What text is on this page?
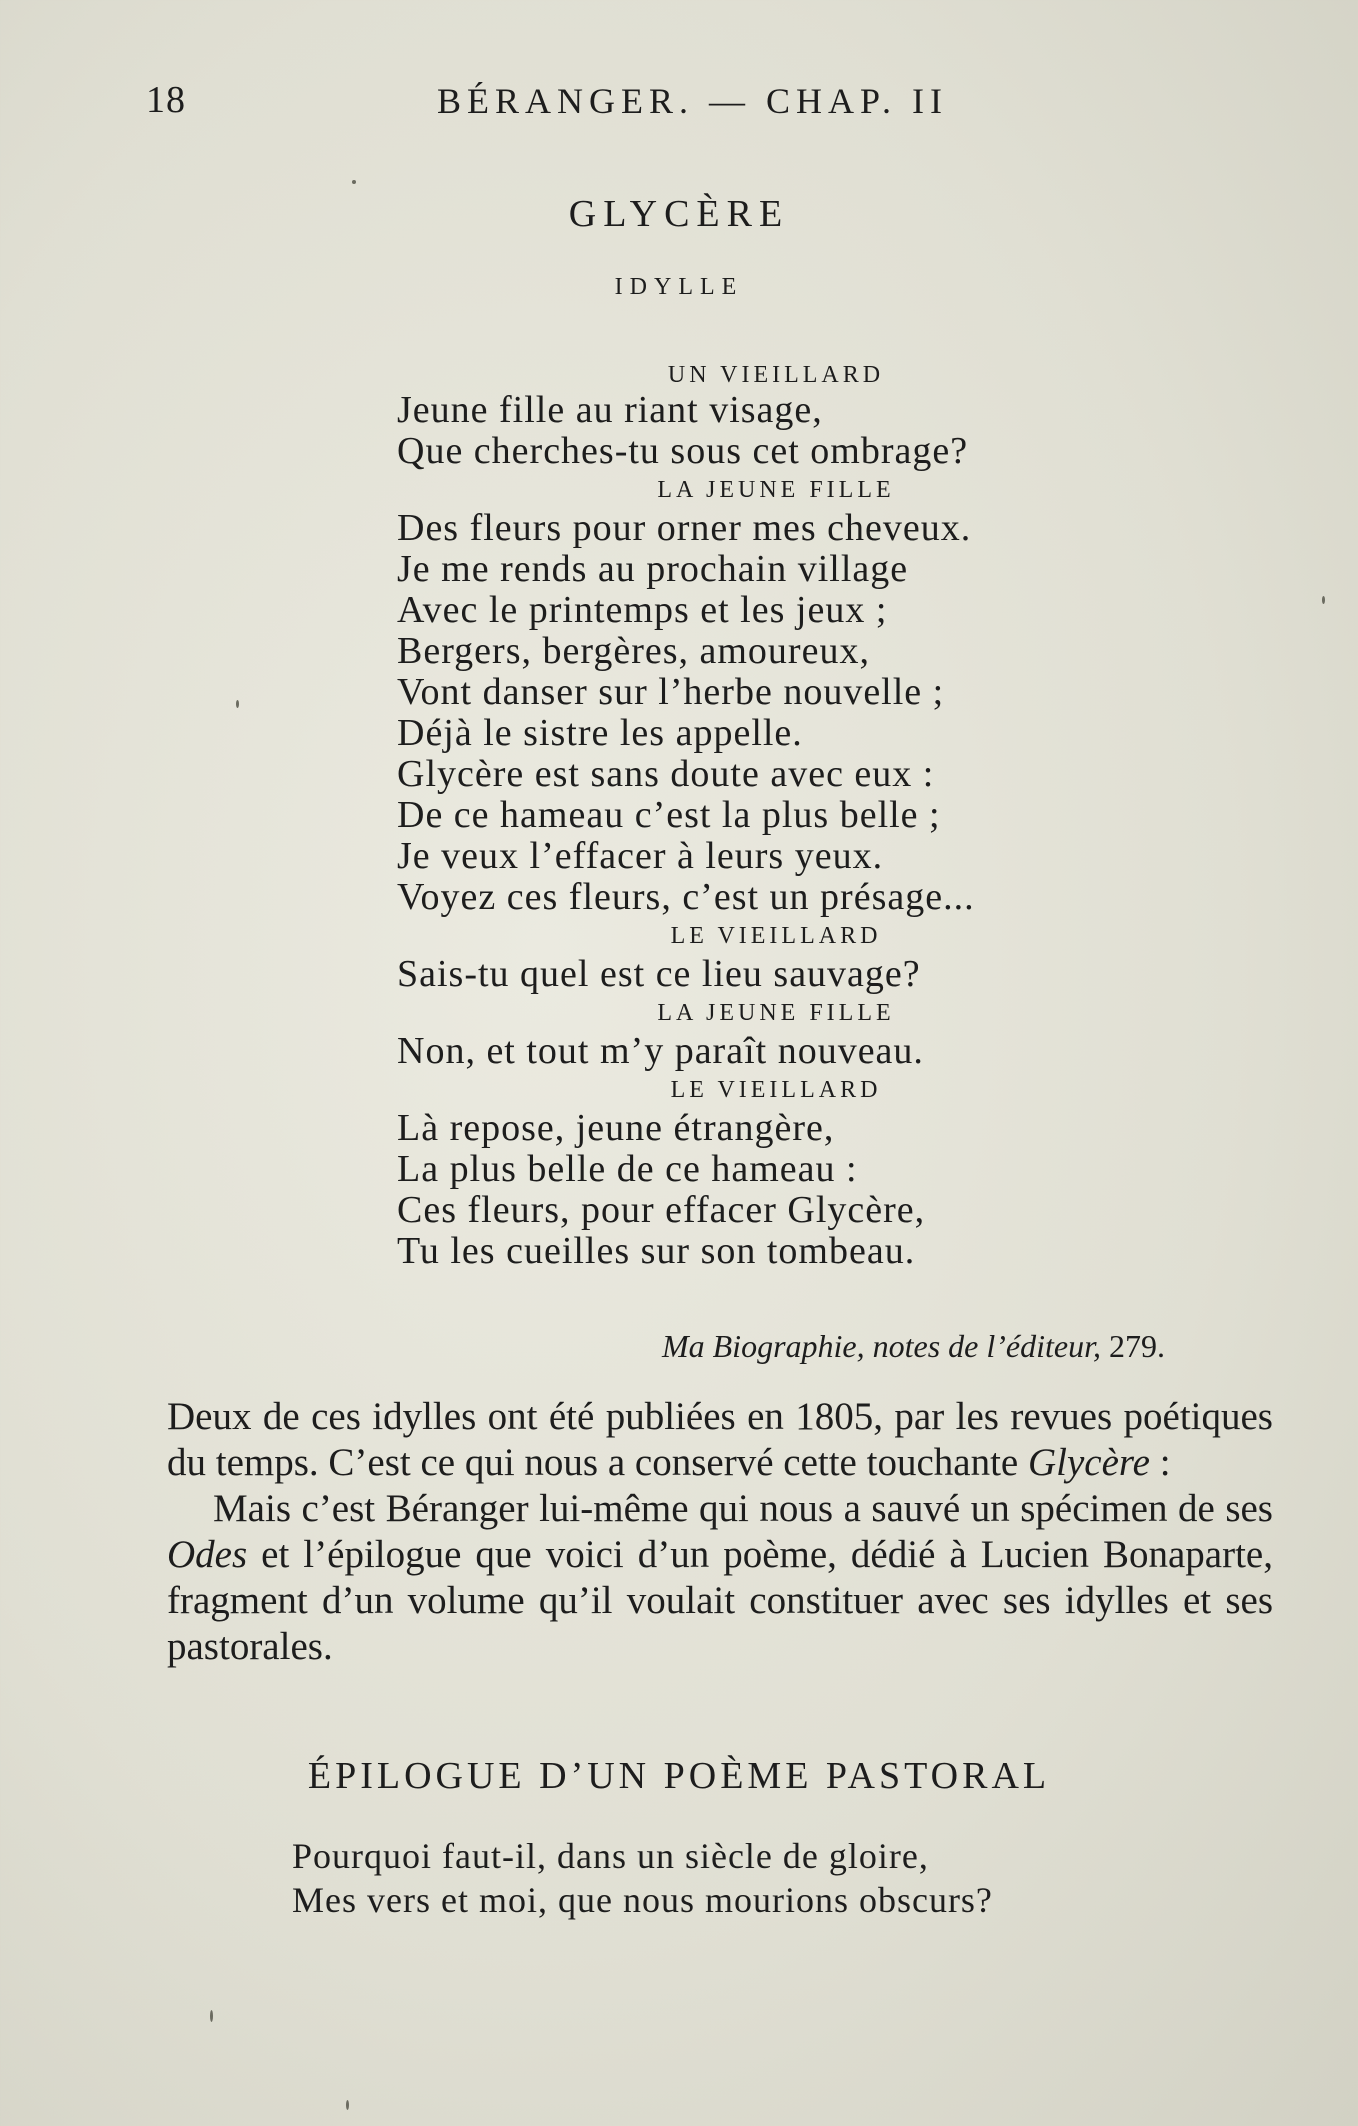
18	BÉRANGER. — CHAP. II
GLYCÈRE
IDYLLE
UN VIEILLARD
Jeune fille au riant visage,
Que cherches-tu sous cet ombrage?
LA JEUNE FILLE
Des fleurs pour orner mes cheveux.
Je me rends au prochain village
Avec le printemps et les jeux ;
Bergers, bergères, amoureux,
Vont danser sur l’herbe nouvelle ;
Déjà le sistre les appelle.
Glycère est sans doute avec eux :
De ce hameau c’est la plus belle ;
Je veux l’effacer à leurs yeux.
Voyez ces fleurs, c’est un présage...
LE VIEILLARD
Sais-tu quel est ce lieu sauvage?
LA JEUNE FILLE
Non, et tout m’y paraît nouveau.
LE VIEILLARD
Là repose, jeune étrangère,
La plus belle de ce hameau :
Ces fleurs, pour effacer Glycère,
Tu les cueilles sur son tombeau.
Ma Biographie, notes de l’éditeur, 279.

Deux de ces idylles ont été publiées en 1805, par les revues poétiques du temps. C’est ce qui nous a conservé cette touchante Glycère :

Mais c’est Béranger lui-même qui nous a sauvé un spécimen de ses Odes et l’épilogue que voici d’un poème, dédié à Lucien Bonaparte, fragment d’un volume qu’il voulait constituer avec ses idylles et ses pastorales.

ÉPILOGUE D’UN POÈME PASTORAL
Pourquoi faut-il, dans un siècle de gloire,
Mes vers et moi, que nous mourions obscurs?
